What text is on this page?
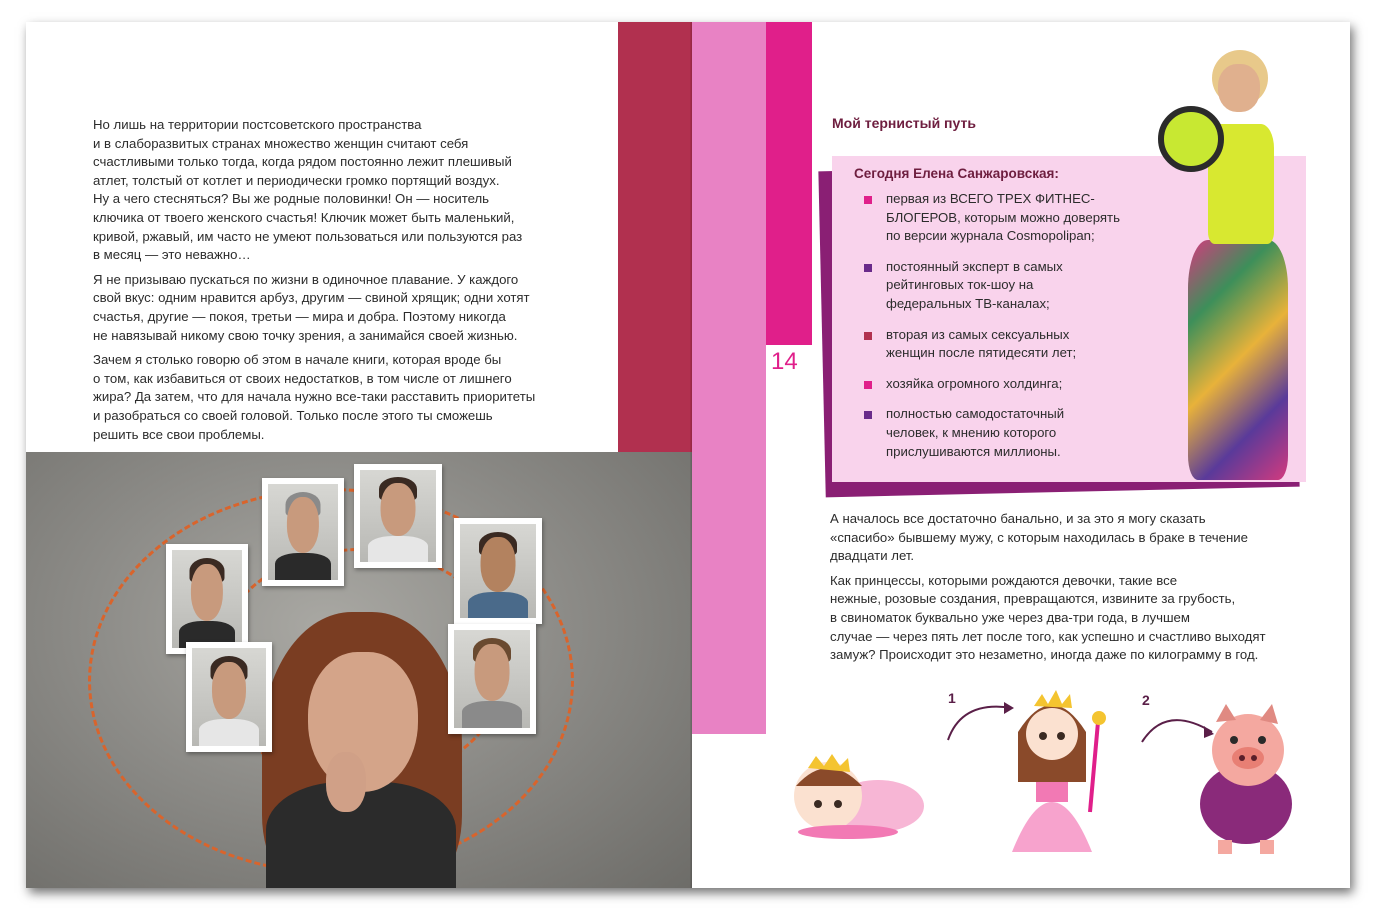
Но лишь на территории постсоветского пространства
и в слаборазвитых странах множество женщин считают себя
счастливыми только тогда, когда рядом постоянно лежит плешивый
атлет, толстый от котлет и периодически громко портящий воздух.
Ну а чего стесняться? Вы же родные половинки! Он — носитель
ключика от твоего женского счастья! Ключик может быть маленький,
кривой, ржавый, им часто не умеют пользоваться или пользуются раз
в месяц — это неважно…

Я не призываю пускаться по жизни в одиночное плавание. У каждого
свой вкус: одним нравится арбуз, другим — свиной хрящик; одни хотят
счастья, другие — покоя, третьи — мира и добра. Поэтому никогда
не навязывай никому свою точку зрения, а занимайся своей жизнью.

Зачем я столько говорю об этом в начале книги, которая вроде бы
о том, как избавиться от своих недостатков, в том числе от лишнего
жира? Да затем, что для начала нужно все-таки расставить приоритеты
и разобраться со своей головой. Только после этого ты сможешь
решить все свои проблемы.

14
Мой тернистый путь
Сегодня Елена Санжаровская:
первая из ВСЕГО ТРЕХ ФИТНЕС-
БЛОГЕРОВ, которым можно доверять
по версии журнала Cosmopolipan;
постоянный эксперт в самых
рейтинговых ток-шоу на
федеральных ТВ-каналах;
вторая из самых сексуальных
женщин после пятидесяти лет;
хозяйка огромного холдинга;
полностью самодостаточный
человек, к мнению которого
прислушиваются миллионы.

А началось все достаточно банально, и за это я могу сказать
«спасибо» бывшему мужу, с которым находилась в браке в течение
двадцати лет.

Как принцессы, которыми рождаются девочки, такие все
нежные, розовые создания, превращаются, извините за грубость,
в свиноматок буквально уже через два-три года, в лучшем
случае — через пять лет после того, как успешно и счастливо выходят
замуж? Происходит это незаметно, иногда даже по килограмму в год.

1	2
